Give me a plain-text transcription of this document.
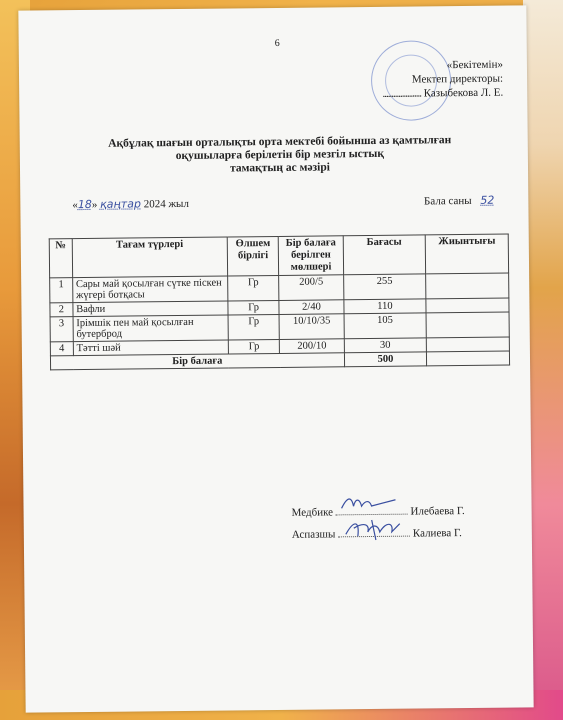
6
«Бекітемін»
Мектеп директоры:
...................... Казыбекова Л. Е.
Ақбұлақ шағын орталықты орта мектебі бойынша аз қамтылған
оқушыларға берілетін бір мезгіл ыстық
тамақтың ас мәзірі
«18» қаңтар 2024 жыл	Бала саны 52
№	Тағам түрлері	Өлшем бірлігі	Бір балаға берілген мөлшері	Бағасы	Жиынтығы
1	Сары май қосылған сүтке піскен жүгері ботқасы	Гр	200/5	255	
2	Вафли	Гр	2/40	110	
3	Ірімшік пен май қосылған бутерброд	Гр	10/10/35	105	
4	Тәтті шәй	Гр	200/10	30	
Бір балаға				500	
Медбике	Илебаева Г.
Аспазшы	Калиева Г.
